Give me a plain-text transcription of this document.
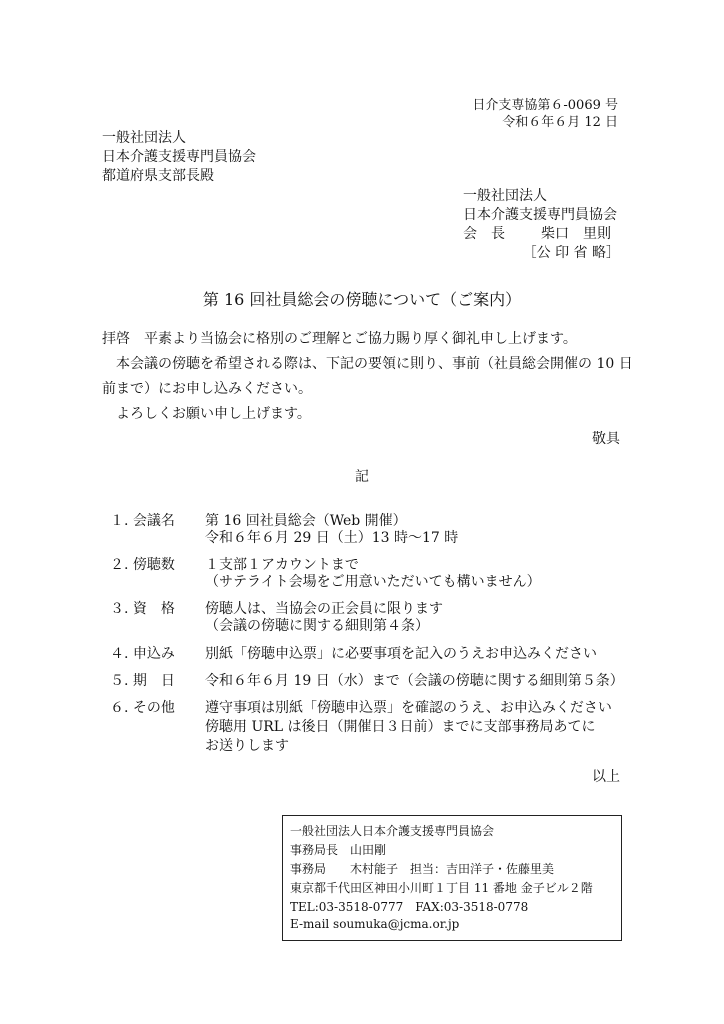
日介支専協第６-0069 号
令和６年６月 12 日
一般社団法人
日本介護支援専門員協会
都道府県支部長殿
一般社団法人
日本介護支援専門員協会
会　長	柴口　里則
［公 印 省 略］
第 16 回社員総会の傍聴について（ご案内）
拝啓　平素より当協会に格別のご理解とご協力賜り厚く御礼申し上げます。
本会議の傍聴を希望される際は、下記の要領に則り、事前（社員総会開催の 10 日
前まで）にお申し込みください。
よろしくお願い申し上げます。
敬具
記
１. 会議名 第 16 回社員総会（Web 開催）
令和６年６月 29 日（土）13 時～17 時
２. 傍聴数 １支部１アカウントまで
（サテライト会場をご用意いただいても構いません）
３. 資　格 傍聴人は、当協会の正会員に限ります
（会議の傍聴に関する細則第４条）
４. 申込み 別紙「傍聴申込票」に必要事項を記入のうえお申込みください
５. 期　日 令和６年６月 19 日（水）まで（会議の傍聴に関する細則第５条）
６. その他 遵守事項は別紙「傍聴申込票」を確認のうえ、お申込みください
傍聴用 URL は後日（開催日３日前）までに支部事務局あてに
お送りします
以上
一般社団法人日本介護支援専門員協会
事務局長　山田剛
事務局　　木村能子　担当：吉田洋子・佐藤里美
東京都千代田区神田小川町１丁目 11 番地 金子ビル２階
TEL:03-3518-0777　FAX:03-3518-0778
E-mail soumuka@jcma.or.jp
